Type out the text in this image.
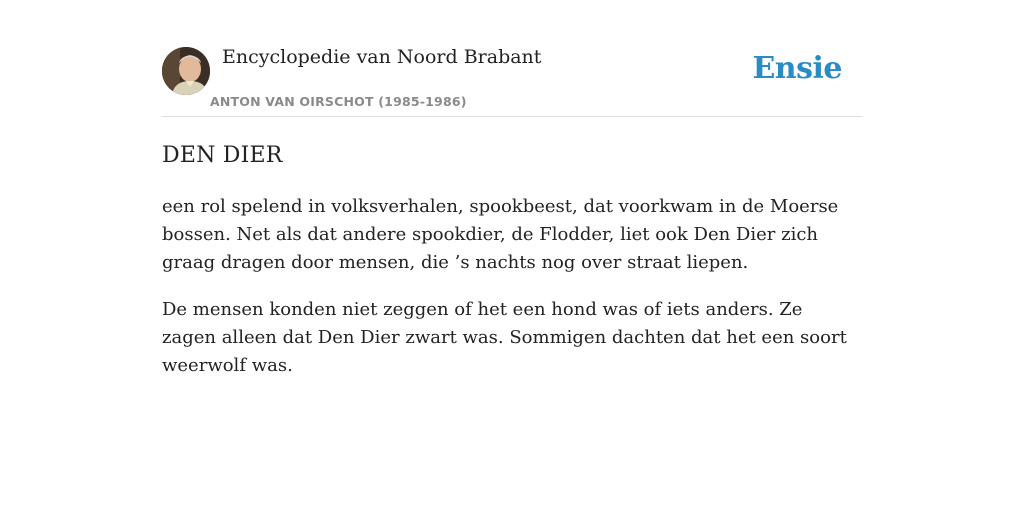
Encyclopedie van Noord Brabant
ANTON VAN OIRSCHOT (1985-1986)
Ensie
DEN DIER

een rol spelend in volksverhalen, spookbeest, dat voorkwam in de Moerse bossen. Net als dat andere spookdier, de Flodder, liet ook Den Dier zich graag dragen door mensen, die ’s nachts nog over straat liepen.

De mensen konden niet zeggen of het een hond was of iets anders. Ze zagen alleen dat Den Dier zwart was. Sommigen dachten dat het een soort weerwolf was.
